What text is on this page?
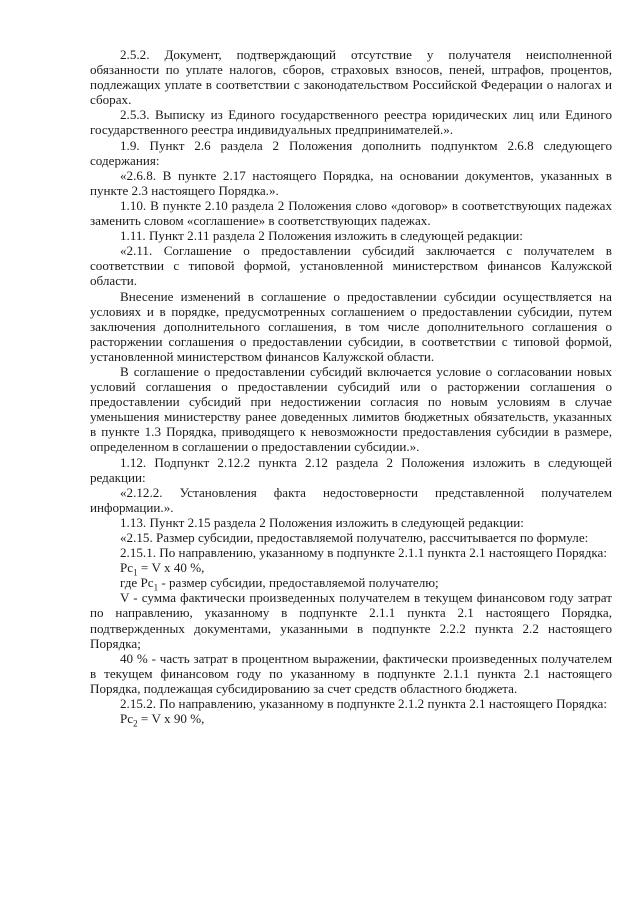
2.5.2. Документ, подтверждающий отсутствие у получателя неисполненной обязанности по уплате налогов, сборов, страховых взносов, пеней, штрафов, процентов, подлежащих уплате в соответствии с законодательством Российской Федерации о налогах и сборах.

2.5.3. Выписку из Единого государственного реестра юридических лиц или Единого государственного реестра индивидуальных предпринимателей.».

1.9. Пункт 2.6 раздела 2 Положения дополнить подпунктом 2.6.8 следующего содержания:

«2.6.8. В пункте 2.17 настоящего Порядка, на основании документов, указанных в пункте 2.3 настоящего Порядка.».

1.10. В пункте 2.10 раздела 2 Положения слово «договор» в соответствующих падежах заменить словом «соглашение» в соответствующих падежах.

1.11. Пункт 2.11 раздела 2 Положения изложить в следующей редакции:

«2.11. Соглашение о предоставлении субсидий заключается с получателем в соответствии с типовой формой, установленной министерством финансов Калужской области.

Внесение изменений в соглашение о предоставлении субсидии осуществляется на условиях и в порядке, предусмотренных соглашением о предоставлении субсидии, путем заключения дополнительного соглашения, в том числе дополнительного соглашения о расторжении соглашения о предоставлении субсидии, в соответствии с типовой формой, установленной министерством финансов Калужской области.

В соглашение о предоставлении субсидий включается условие о согласовании новых условий соглашения о предоставлении субсидий или о расторжении соглашения о предоставлении субсидий при недостижении согласия по новым условиям в случае уменьшения министерству ранее доведенных лимитов бюджетных обязательств, указанных в пункте 1.3 Порядка, приводящего к невозможности предоставления субсидии в размере, определенном в соглашении о предоставлении субсидии.».

1.12. Подпункт 2.12.2 пункта 2.12 раздела 2 Положения изложить в следующей редакции:

«2.12.2. Установления факта недостоверности представленной получателем информации.».

1.13. Пункт 2.15 раздела 2 Положения изложить в следующей редакции:

«2.15. Размер субсидии, предоставляемой получателю, рассчитывается по формуле:

2.15.1. По направлению, указанному в подпункте 2.1.1 пункта 2.1 настоящего Порядка:

$Рс_1 = V$ х 40 %,

где $Рс_1$ - размер субсидии, предоставляемой получателю;

V - сумма фактически произведенных получателем в текущем финансовом году затрат по направлению, указанному в подпункте 2.1.1 пункта 2.1 настоящего Порядка, подтвержденных документами, указанными в подпункте 2.2.2 пункта 2.2 настоящего Порядка;

40 % - часть затрат в процентном выражении, фактически произведенных получателем в текущем финансовом году по указанному в подпункте 2.1.1 пункта 2.1 настоящего Порядка, подлежащая субсидированию за счет средств областного бюджета.

2.15.2. По направлению, указанному в подпункте 2.1.2 пункта 2.1 настоящего Порядка:

$Рс_2 = V$ х 90 %,
